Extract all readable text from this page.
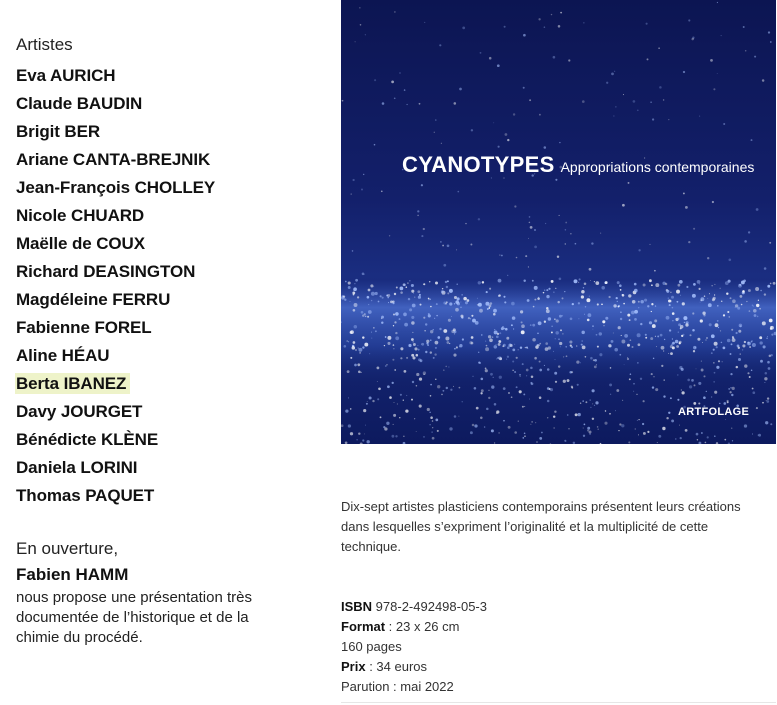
Artistes

Eva AURICH
Claude BAUDIN
Brigit BER
Ariane CANTA-BREJNIK
Jean-François CHOLLEY
Nicole CHUARD
Maëlle de COUX
Richard DEASINGTON
Magdéleine FERRU
Fabienne FOREL
Aline HÉAU
Berta IBANEZ
Davy JOURGET
Bénédicte KLÈNE
Daniela LORINI
Thomas PAQUET
En ouverture,
Fabien HAMM
nous propose une présentation très documentée de l’historique et de la chimie du procédé.
CYANOTYPES Appropriations contemporaines
ARTFOLAGE
Dix-sept artistes plasticiens contemporains présentent leurs créations dans lesquelles s’expriment l’originalité et la multiplicité de cette technique.
ISBN 978-2-492498-05-3
Format : 23 x 26 cm
160 pages
Prix : 34 euros
Parution : mai 2022
